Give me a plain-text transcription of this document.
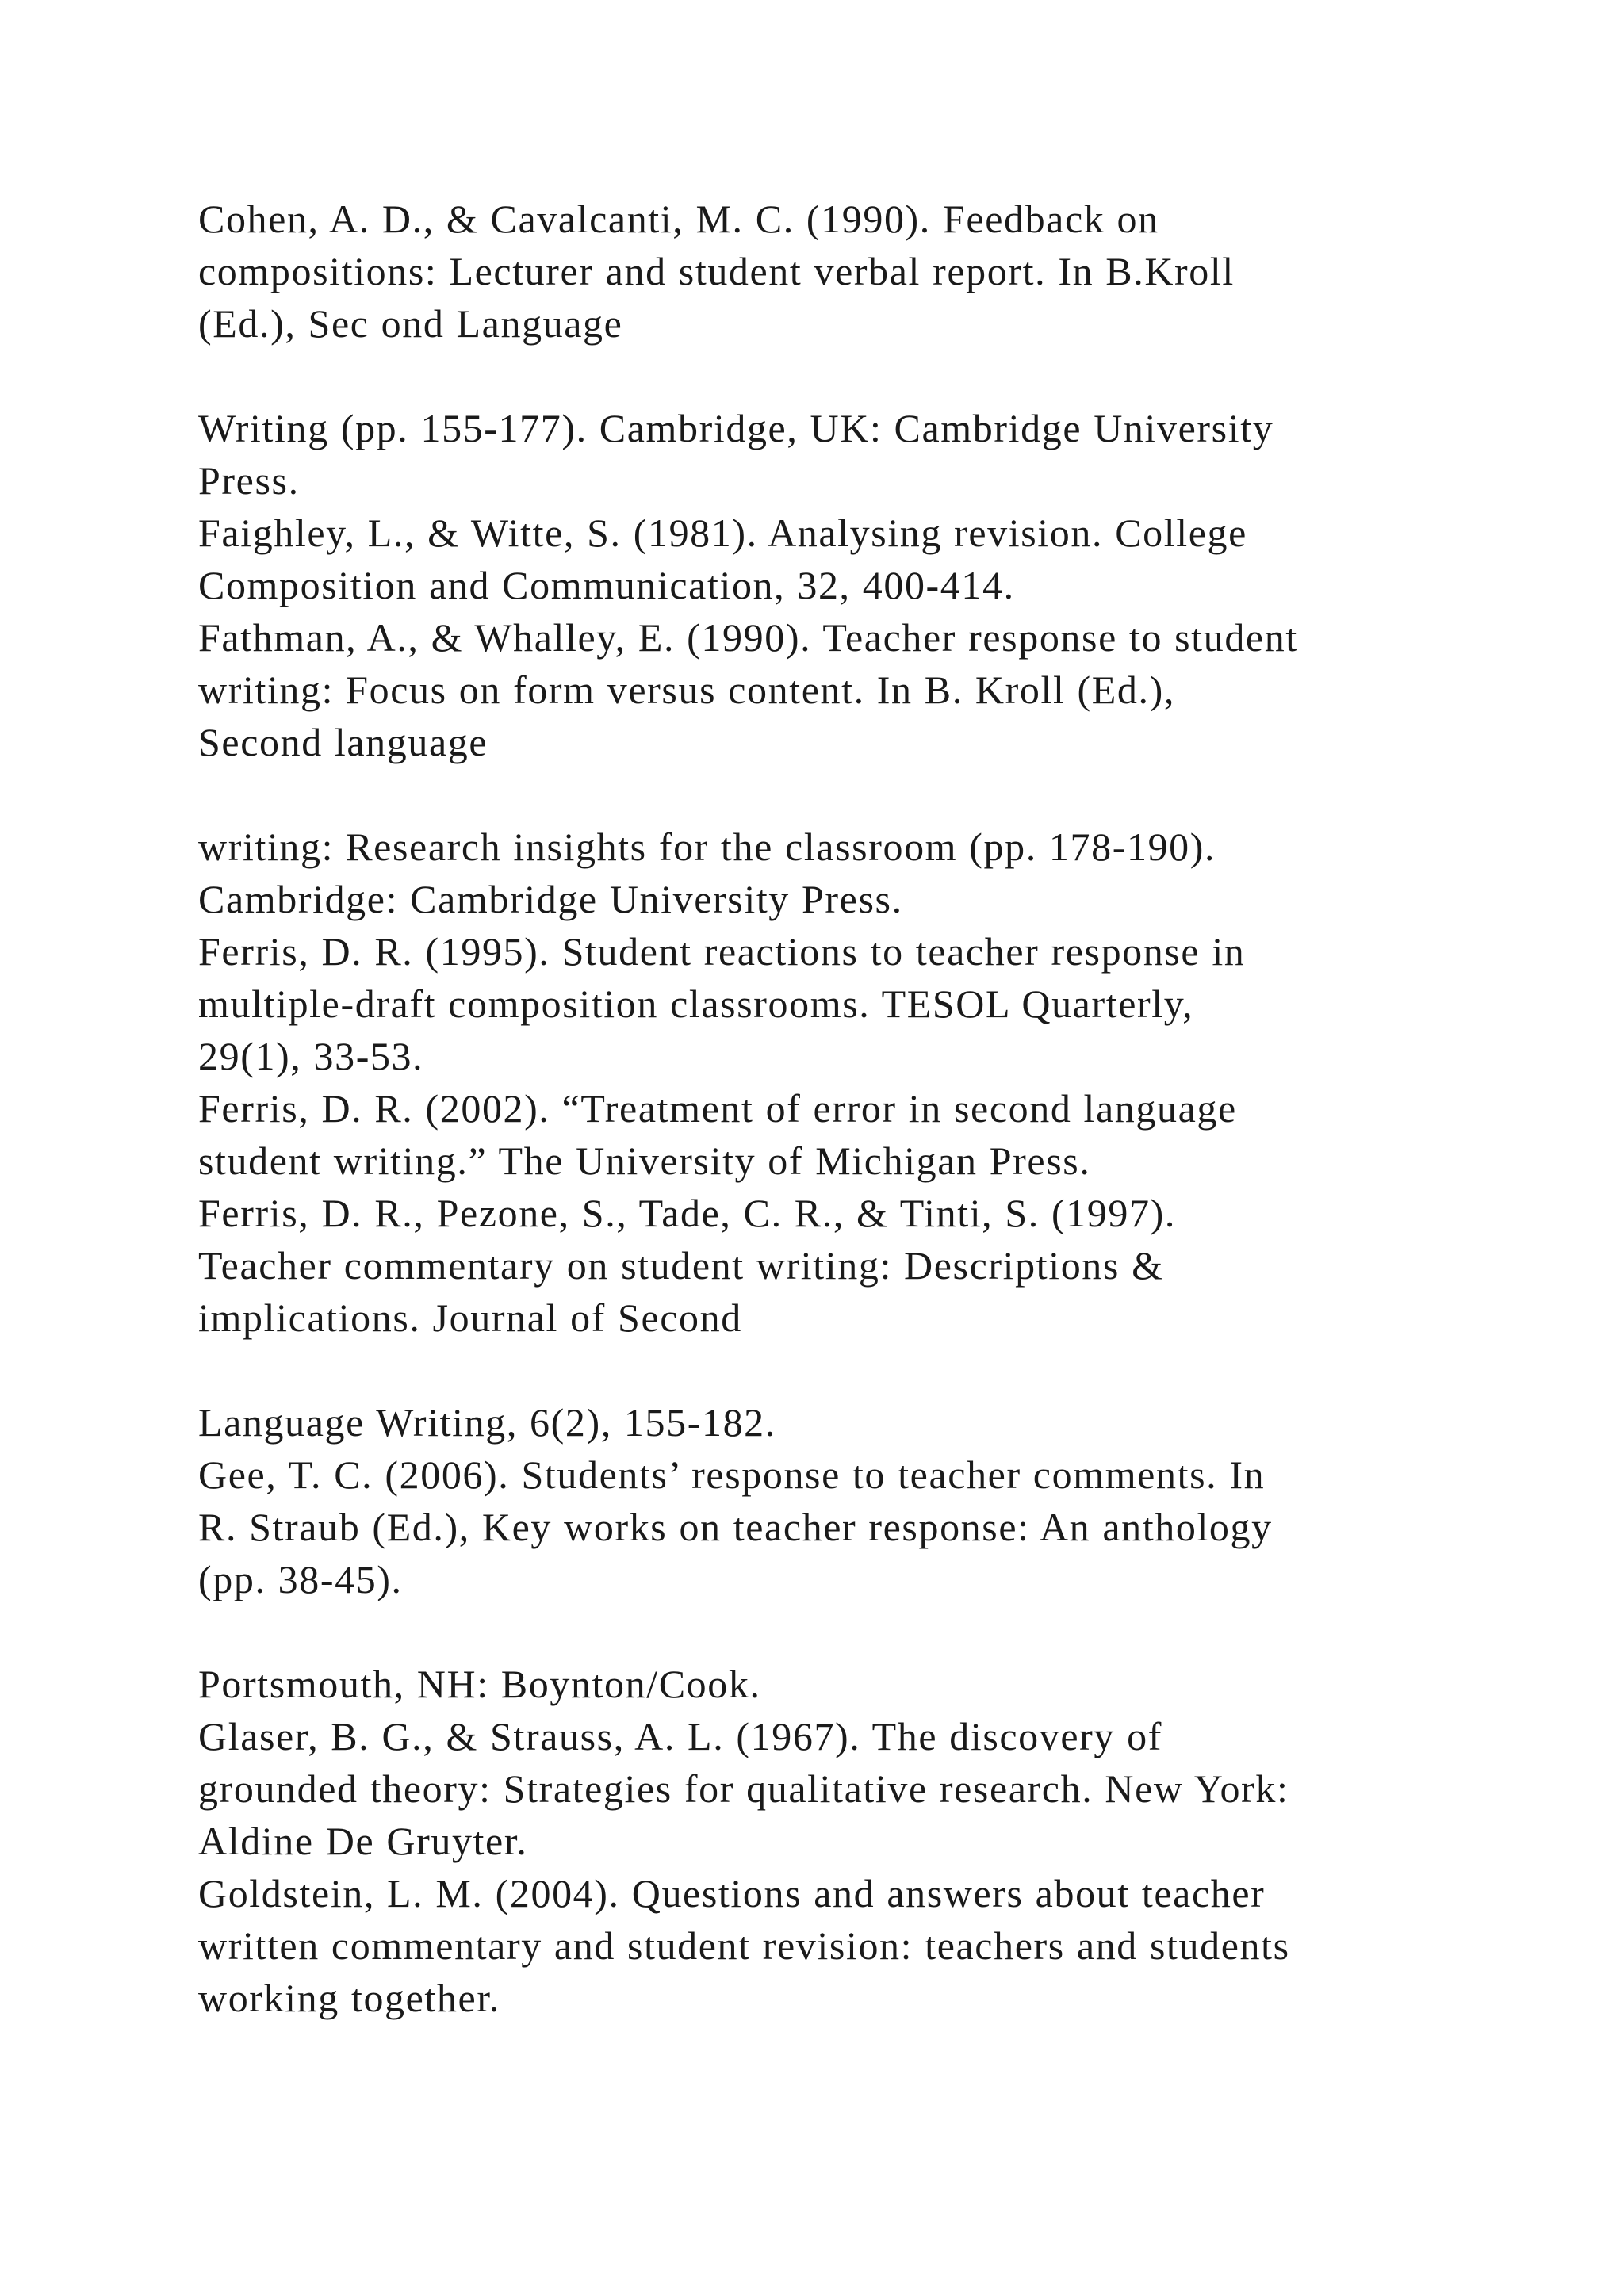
Cohen, A. D., & Cavalcanti, M. C. (1990). Feedback on
compositions: Lecturer and student verbal report. In B.Kroll
(Ed.), Sec ond Language
Writing (pp. 155-177). Cambridge, UK: Cambridge University
Press.
Faighley, L., & Witte, S. (1981). Analysing revision. College
Composition and Communication, 32, 400-414.
Fathman, A., & Whalley, E. (1990). Teacher response to student
writing: Focus on form versus content. In B. Kroll (Ed.),
Second language
writing: Research insights for the classroom (pp. 178-190).
Cambridge: Cambridge University Press.
Ferris, D. R. (1995). Student reactions to teacher response in
multiple-draft composition classrooms. TESOL Quarterly,
29(1), 33-53.
Ferris, D. R. (2002). “Treatment of error in second language
student writing.” The University of Michigan Press.
Ferris, D. R., Pezone, S., Tade, C. R., & Tinti, S. (1997).
Teacher commentary on student writing: Descriptions &
implications. Journal of Second
Language Writing, 6(2), 155-182.
Gee, T. C. (2006). Students’ response to teacher comments. In
R. Straub (Ed.), Key works on teacher response: An anthology
(pp. 38-45).
Portsmouth, NH: Boynton/Cook.
Glaser, B. G., & Strauss, A. L. (1967). The discovery of
grounded theory: Strategies for qualitative research. New York:
Aldine De Gruyter.
Goldstein, L. M. (2004). Questions and answers about teacher
written commentary and student revision: teachers and students
working together.
